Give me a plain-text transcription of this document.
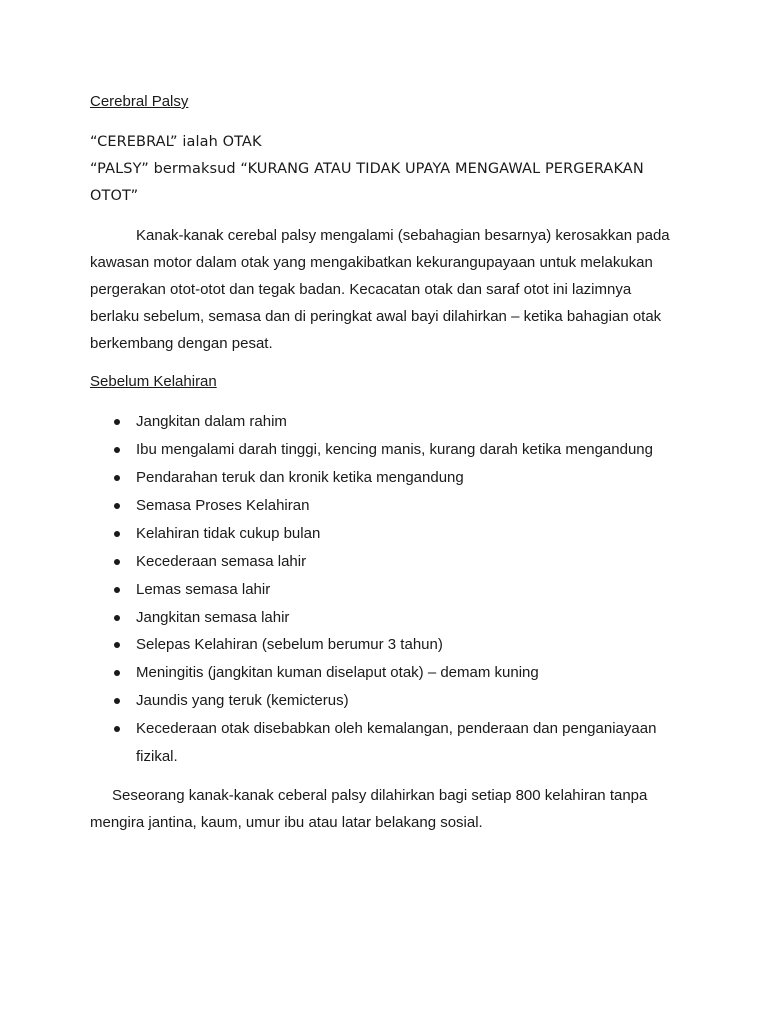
Cerebral Palsy
“CEREBRAL” ialah OTAK
“PALSY” bermaksud “KURANG ATAU TIDAK UPAYA MENGAWAL PERGERAKAN
OTOT”
Kanak-kanak cerebal palsy mengalami (sebahagian besarnya) kerosakkan pada
kawasan motor dalam otak yang mengakibatkan kekurangupayaan untuk melakukan
pergerakan otot-otot dan tegak badan. Kecacatan otak dan saraf otot ini lazimnya
berlaku sebelum, semasa dan di peringkat awal bayi dilahirkan – ketika bahagian otak
berkembang dengan pesat.
Sebelum Kelahiran
Jangkitan dalam rahim
Ibu mengalami darah tinggi, kencing manis, kurang darah ketika mengandung
Pendarahan teruk dan kronik ketika mengandung
Semasa Proses Kelahiran
Kelahiran tidak cukup bulan
Kecederaan semasa lahir
Lemas semasa lahir
Jangkitan semasa lahir
Selepas Kelahiran (sebelum berumur 3 tahun)
Meningitis (jangkitan kuman diselaput otak) – demam kuning
Jaundis yang teruk (kemicterus)
Kecederaan otak disebabkan oleh kemalangan, penderaan dan penganiayaan
fizikal.
Seseorang kanak-kanak ceberal palsy dilahirkan bagi setiap 800 kelahiran tanpa
mengira jantina, kaum, umur ibu atau latar belakang sosial.
